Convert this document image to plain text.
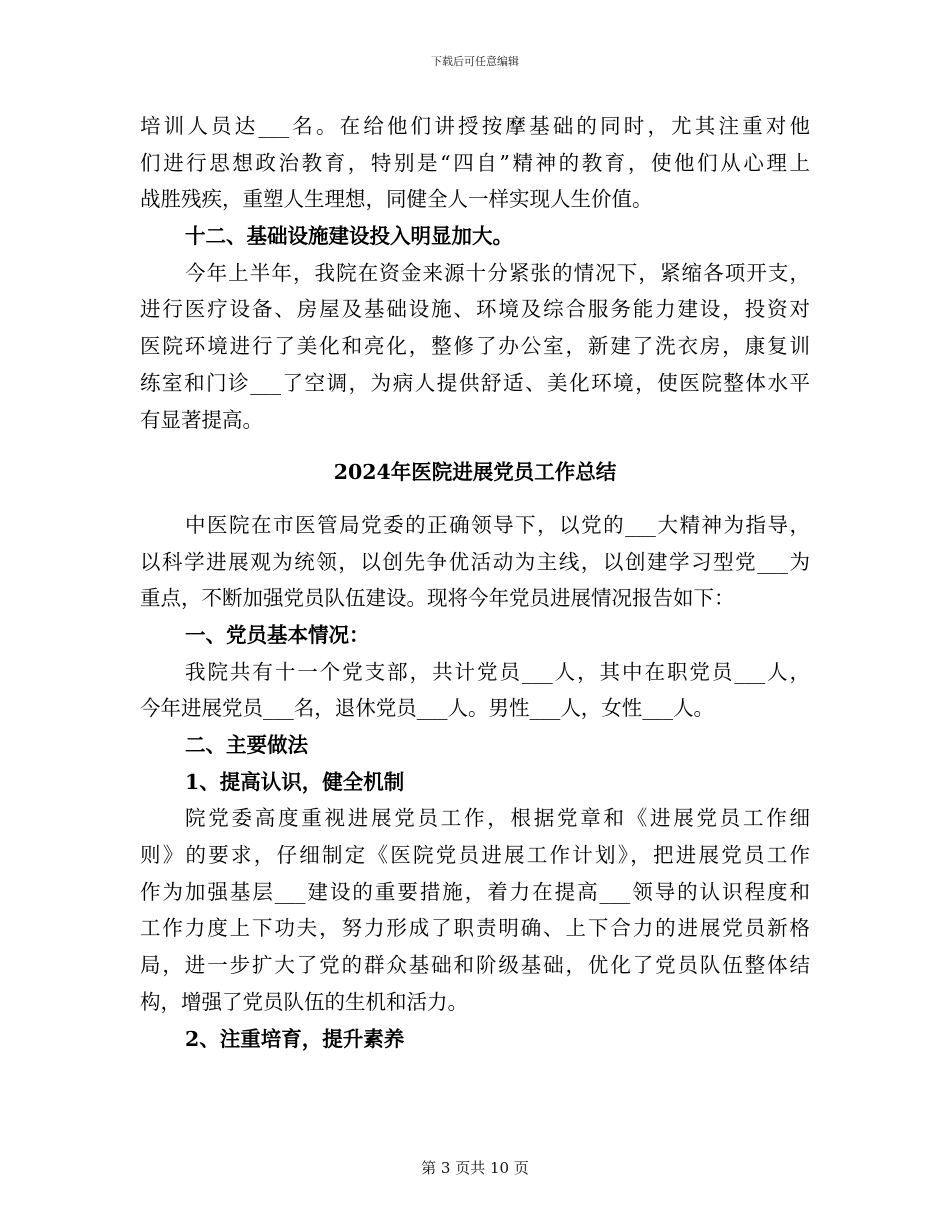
下载后可任意编辑
培训人员达___名。在给他们讲授按摩基础的同时，尤其注重对他
们进行思想政治教育，特别是“四自”精神的教育，使他们从心理上
战胜残疾，重塑人生理想，同健全人一样实现人生价值。
十二、基础设施建设投入明显加大。
今年上半年，我院在资金来源十分紧张的情况下，紧缩各项开支，
进行医疗设备、房屋及基础设施、环境及综合服务能力建设，投资对
医院环境进行了美化和亮化，整修了办公室，新建了洗衣房，康复训
练室和门诊___了空调，为病人提供舒适、美化环境，使医院整体水平
有显著提高。
2024年医院进展党员工作总结
中医院在市医管局党委的正确领导下，以党的___大精神为指导，
以科学进展观为统领，以创先争优活动为主线，以创建学习型党___为
重点，不断加强党员队伍建设。现将今年党员进展情况报告如下：
一、党员基本情况：
我院共有十一个党支部，共计党员___人，其中在职党员___人，
今年进展党员___名，退休党员___人。男性___人，女性___人。
二、主要做法
1、提高认识，健全机制
院党委高度重视进展党员工作，根据党章和《进展党员工作细
则》的要求，仔细制定《医院党员进展工作计划》，把进展党员工作
作为加强基层___建设的重要措施，着力在提高___领导的认识程度和
工作力度上下功夫，努力形成了职责明确、上下合力的进展党员新格
局，进一步扩大了党的群众基础和阶级基础，优化了党员队伍整体结
构，增强了党员队伍的生机和活力。
2、注重培育，提升素养
第 3 页共 10 页
